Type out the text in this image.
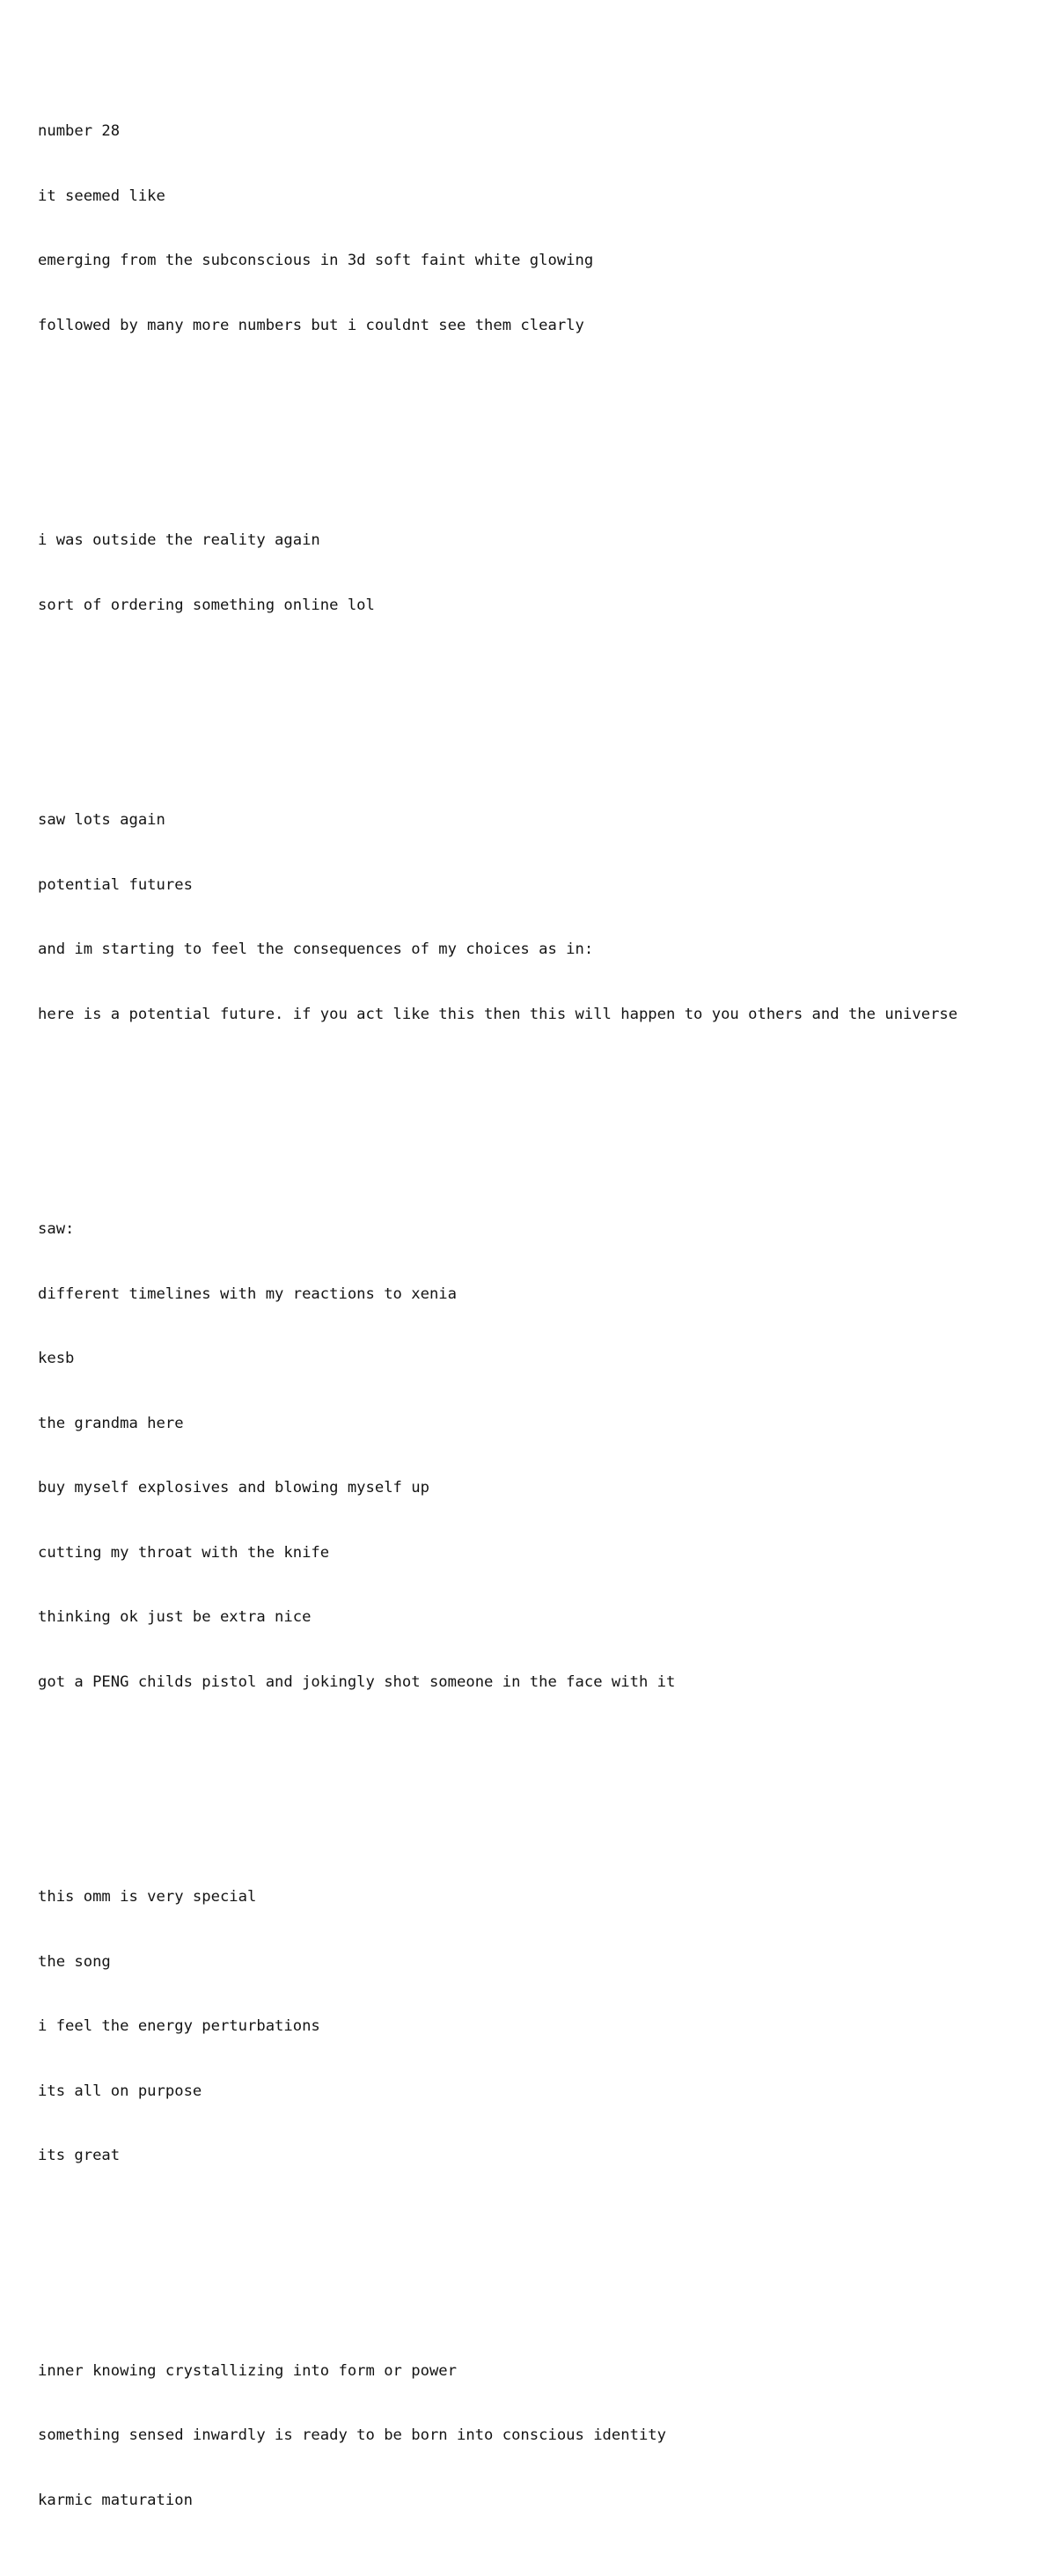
number 28

it seemed like

emerging from the subconscious in 3d soft faint white glowing

followed by many more numbers but i couldnt see them clearly

i was outside the reality again

sort of ordering something online lol

saw lots again

potential futures

and im starting to feel the consequences of my choices as in:

here is a potential future. if you act like this then this will happen to you others and the universe

saw:

different timelines with my reactions to xenia

kesb

the grandma here

buy myself explosives and blowing myself up

cutting my throat with the knife

thinking ok just be extra nice

got a PENG childs pistol and jokingly shot someone in the face with it

this omm is very special

the song

i feel the energy perturbations

its all on purpose

its great

inner knowing crystallizing into form or power

something sensed inwardly is ready to be born into conscious identity

karmic maturation
